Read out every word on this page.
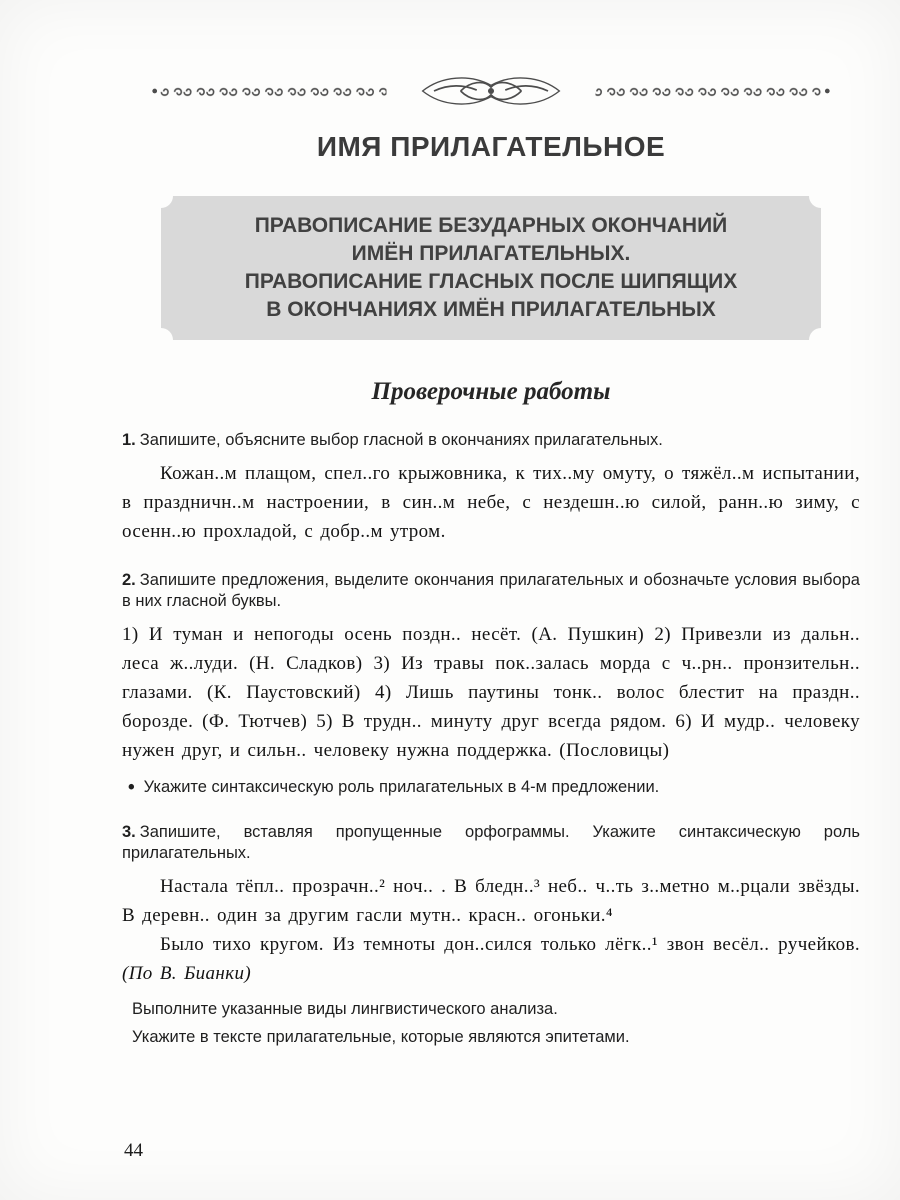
ИМЯ ПРИЛАГАТЕЛЬНОЕ
ПРАВОПИСАНИЕ БЕЗУДАРНЫХ ОКОНЧАНИЙ
ИМЁН ПРИЛАГАТЕЛЬНЫХ.
ПРАВОПИСАНИЕ ГЛАСНЫХ ПОСЛЕ ШИПЯЩИХ
В ОКОНЧАНИЯХ ИМЁН ПРИЛАГАТЕЛЬНЫХ
Проверочные работы

1. Запишите, объясните выбор гласной в окончаниях прилагательных.

Кожан..м плащом, спел..го крыжовника, к тих..му омуту, о тяжёл..м испытании, в праздничн..м настроении, в син..м небе, с нездешн..ю силой, ранн..ю зиму, с осенн..ю прохладой, с добр..м утром.

2. Запишите предложения, выделите окончания прилагательных и обозначьте условия выбора в них гласной буквы.

1) И туман и непогоды осень поздн.. несёт. (А. Пушкин) 2) Привезли из дальн.. леса ж..луди. (Н. Сладков) 3) Из травы пок..залась морда с ч..рн.. пронзительн.. глазами. (К. Паустовский) 4) Лишь паутины тонк.. волос блестит на праздн.. борозде. (Ф. Тютчев) 5) В трудн.. минуту друг всегда рядом. 6) И мудр.. человеку нужен друг, и сильн.. человеку нужна поддержка. (Пословицы)

• Укажите синтаксическую роль прилагательных в 4-м предложении.

3. Запишите, вставляя пропущенные орфограммы. Укажите синтаксическую роль прилагательных.

Настала тёпл.. прозрачн..² ноч.. . В бледн..³ неб.. ч..ть з..метно м..рцали звёзды. В деревн.. один за другим гасли мутн.. красн.. огоньки.⁴

Было тихо кругом. Из темноты дон..сился только лёгк..¹ звон весёл.. ручейков. (По В. Бианки)

Выполните указанные виды лингвистического анализа.

Укажите в тексте прилагательные, которые являются эпитетами.

44
